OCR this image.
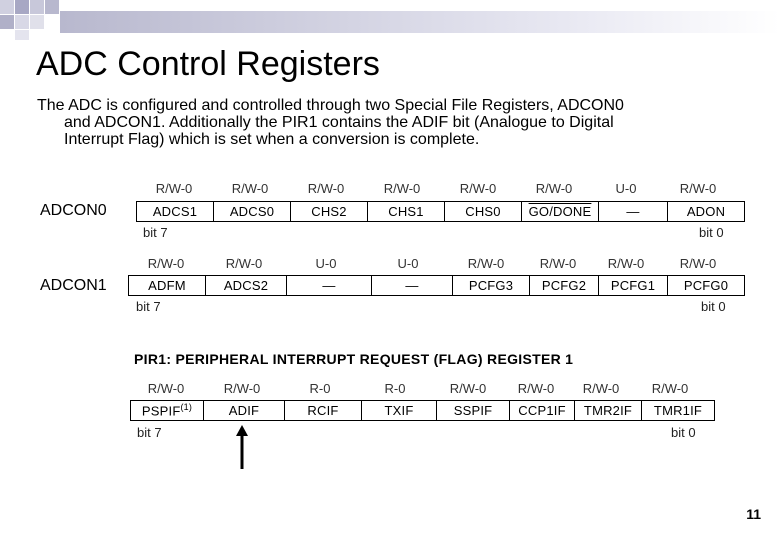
ADC Control Registers
The ADC is configured and controlled through two Special File Registers, ADCON0
and ADCON1. Additionally the PIR1 contains the ADIF bit (Analogue to Digital
Interrupt Flag) which is set when a conversion is complete.
ADCON0
R/W-0	R/W-0	R/W-0	R/W-0	R/W-0	R/W-0	U-0	R/W-0
ADCS1	ADCS0	CHS2	CHS1	CHS0	GO/DONE	—	ADON
bit 7	bit 0
ADCON1
R/W-0	R/W-0	U-0	U-0	R/W-0	R/W-0	R/W-0	R/W-0
ADFM	ADCS2	—	—	PCFG3	PCFG2	PCFG1	PCFG0
bit 7	bit 0
PIR1: PERIPHERAL INTERRUPT REQUEST (FLAG) REGISTER 1
R/W-0	R/W-0	R-0	R-0	R/W-0	R/W-0	R/W-0	R/W-0
PSPIF$^{(1)}$	ADIF	RCIF	TXIF	SSPIF	CCP1IF	TMR2IF	TMR1IF
bit 7	bit 0
11
